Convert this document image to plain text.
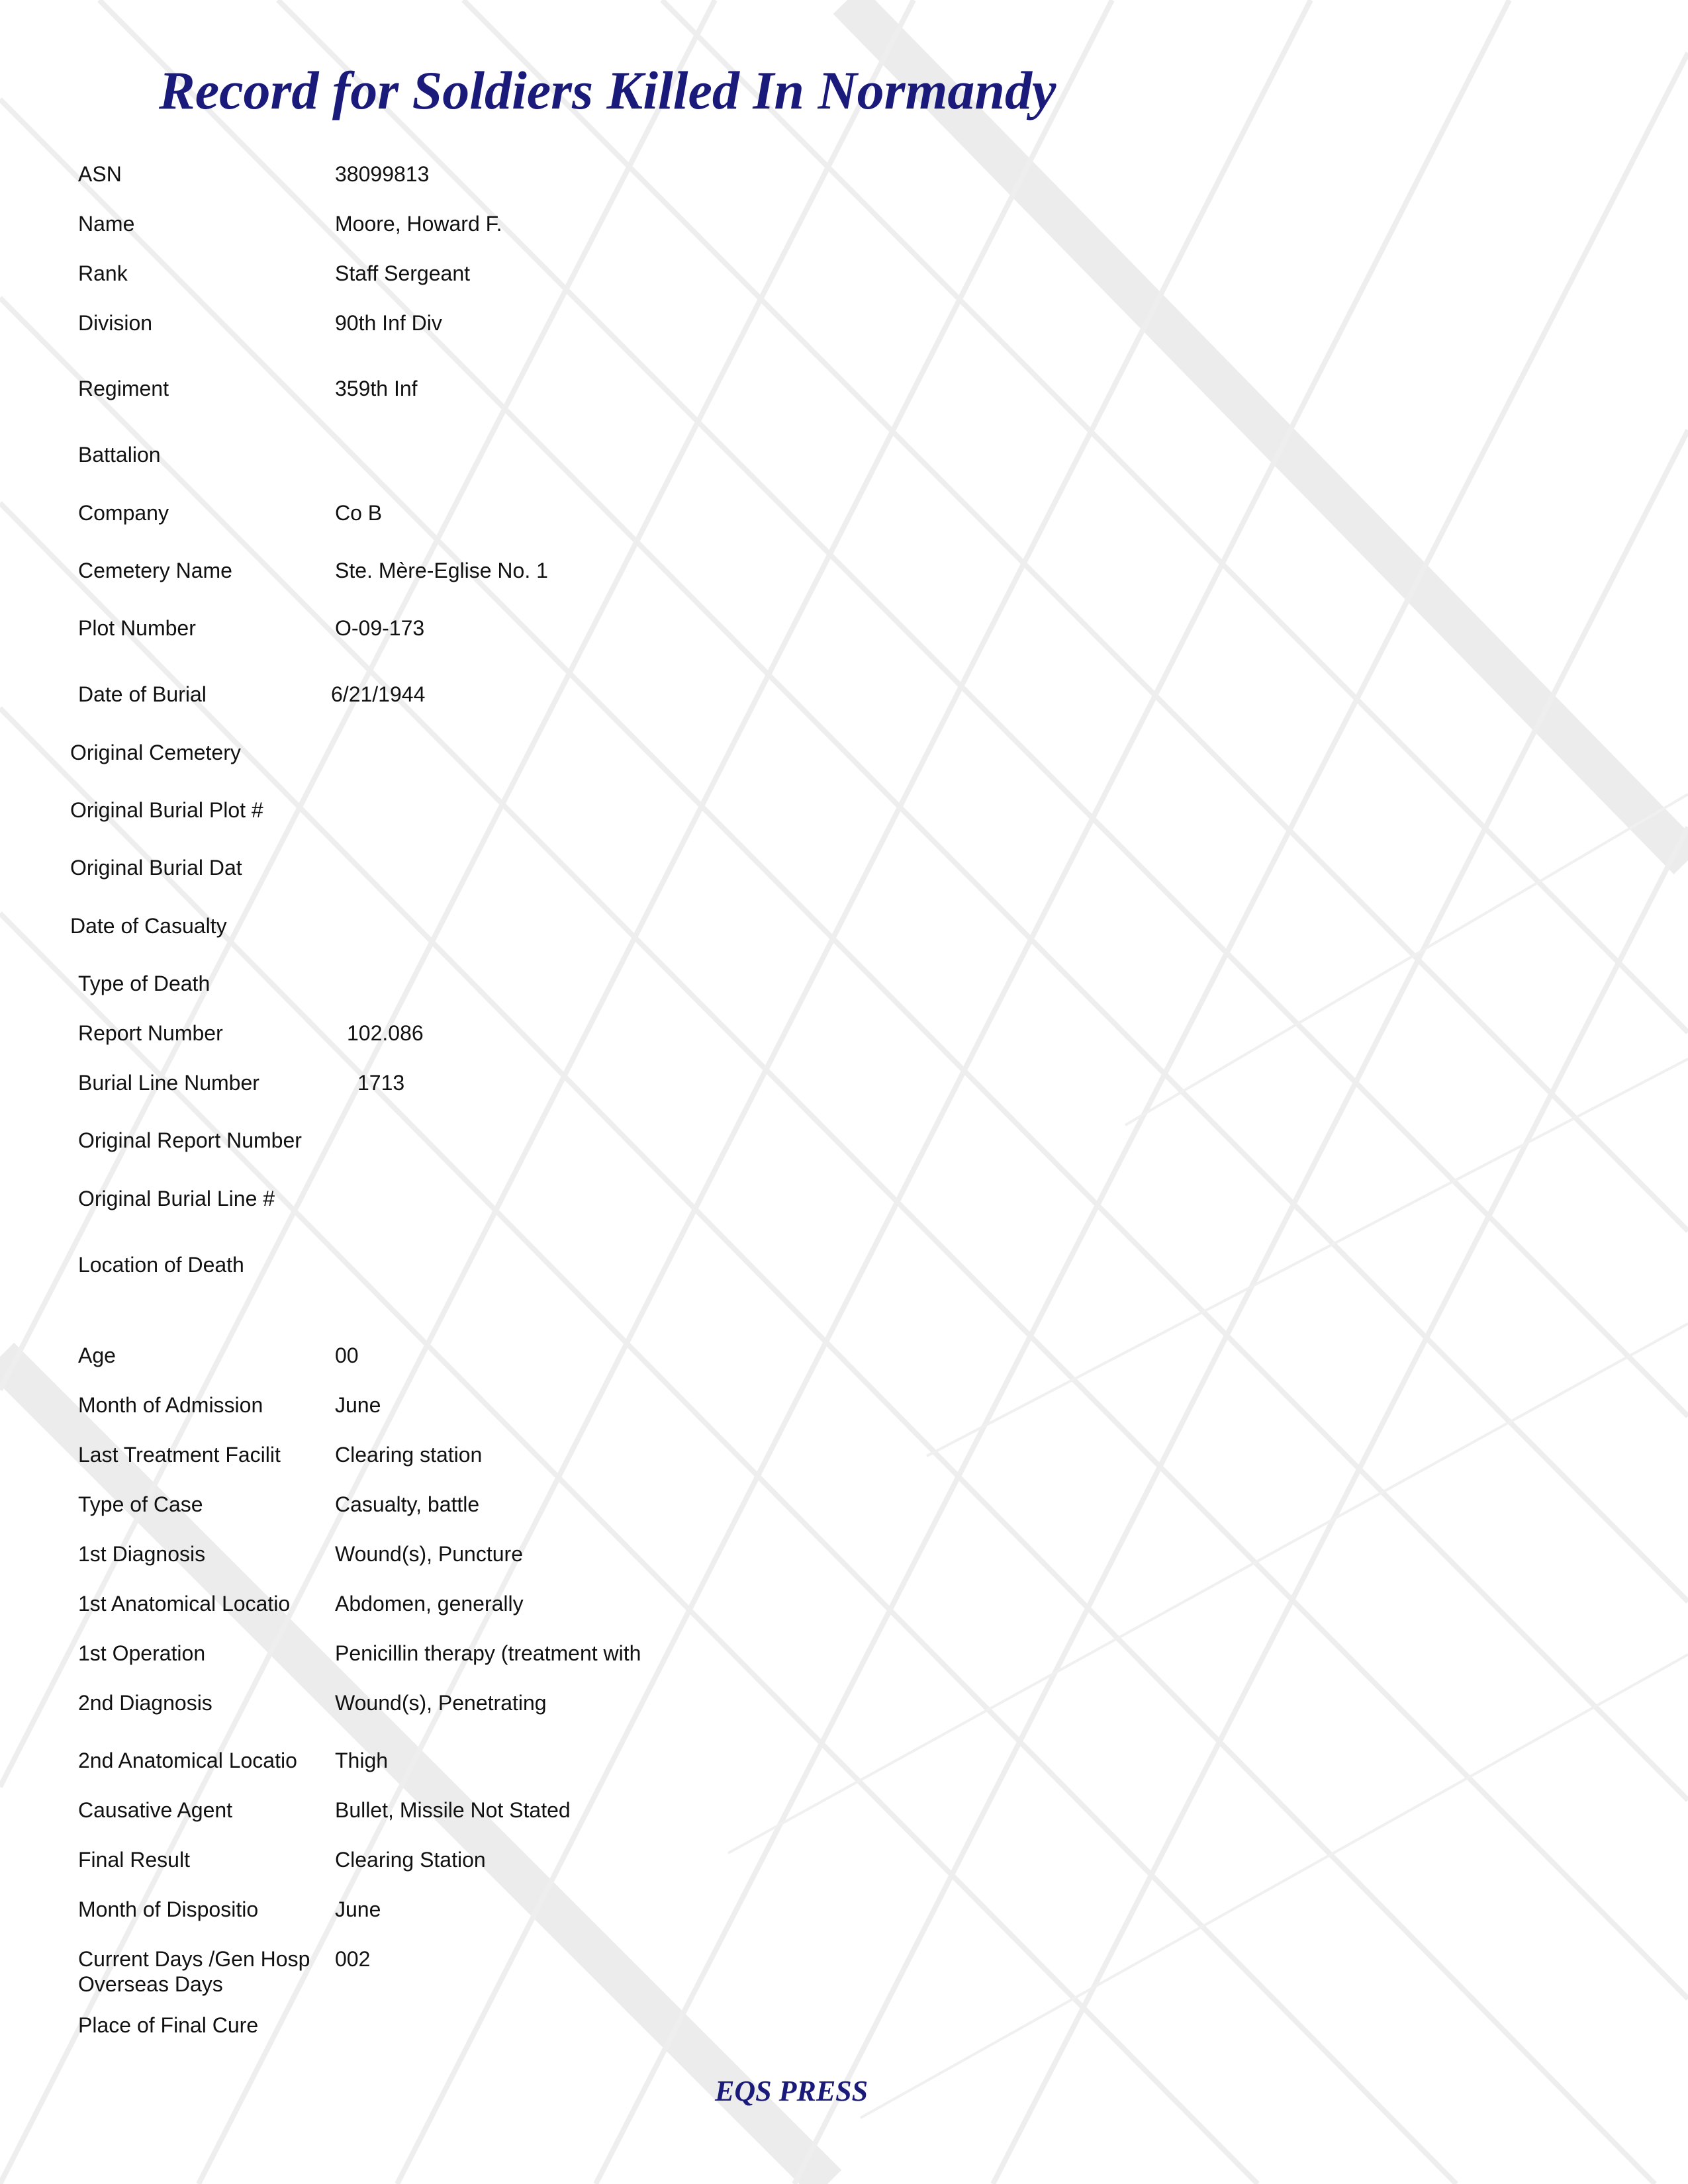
Record for Soldiers Killed In Normandy
ASN
Name
Rank
Division
Regiment
Battalion
Company
Cemetery Name
Plot Number
Date of Burial
Original Cemetery
Original Burial Plot #
Original Burial Dat
Date of Casualty
Type of Death
Report Number
Burial Line Number
Original Report Number
Original Burial Line #
Location of Death
Age
Month of Admission
Last Treatment Facilit
Type of Case
1st Diagnosis
1st Anatomical Locatio
1st Operation
2nd Diagnosis
2nd Anatomical Locatio
Causative Agent
Final Result
Month of Dispositio
Current Days /Gen Hosp
Overseas Days
Place of Final Cure
38099813
Moore, Howard F.
Staff Sergeant
90th Inf Div
359th Inf
Co B
Ste. Mère-Eglise No. 1
O-09-173
6/21/1944
102.086
1713
00
June
Clearing station
Casualty, battle
Wound(s), Puncture
Abdomen, generally
Penicillin therapy (treatment with
Wound(s), Penetrating
Thigh
Bullet, Missile Not Stated
Clearing Station
June
002

EQS PRESS
